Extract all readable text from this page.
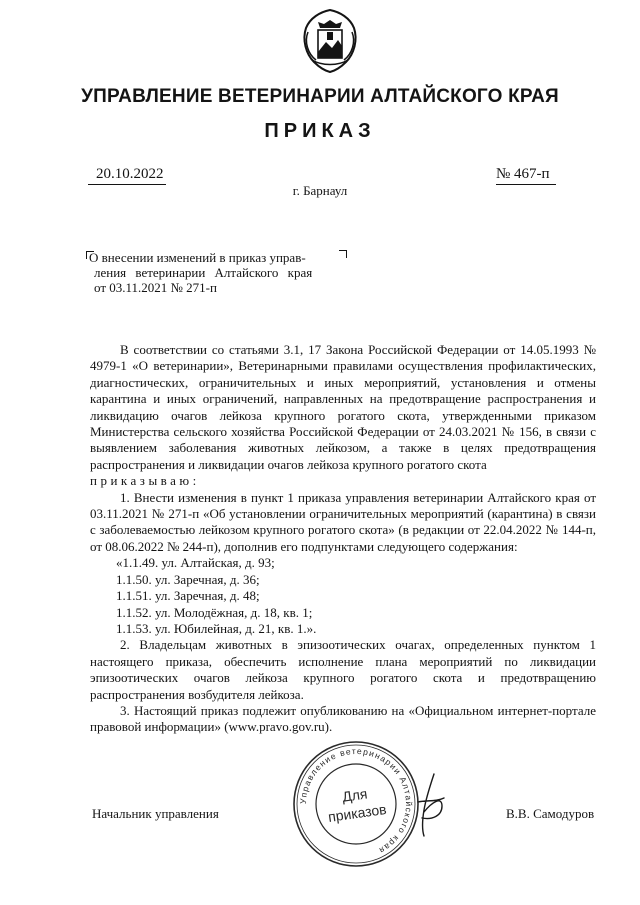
УПРАВЛЕНИЕ ВЕТЕРИНАРИИ АЛТАЙСКОГО КРАЯ
ПРИКАЗ
20.10.2022	№ 467-п
г. Барнаул

О внесении изменений в приказ управ-

ления ветеринарии Алтайского края

от 03.11.2021 № 271-п

В соответствии со статьями 3.1, 17 Закона Российской Федерации от 14.05.1993 № 4979-1 «О ветеринарии», Ветеринарными правилами осуществления профилактических, диагностических, ограничительных и иных мероприятий, установления и отмены карантина и иных ограничений, направленных на предотвращение распространения и ликвидацию очагов лейкоза крупного рогатого скота, утвержденными приказом Министерства сельского хозяйства Российской Федерации от 24.03.2021 № 156, в связи с выявлением заболевания животных лейкозом, а также в целях предотвращения распространения и ликвидации очагов лейкоза крупного рогатого скота

приказываю:

1. Внести изменения в пункт 1 приказа управления ветеринарии Алтайского края от 03.11.2021 № 271-п «Об установлении ограничительных мероприятий (карантина) в связи с заболеваемостью лейкозом крупного рогатого скота» (в редакции от 22.04.2022 № 144-п, от 08.06.2022 № 244-п), дополнив его подпунктами следующего содержания:

«1.1.49. ул. Алтайская, д. 93;

1.1.50. ул. Заречная, д. 36;

1.1.51. ул. Заречная, д. 48;

1.1.52. ул. Молодёжная, д. 18, кв. 1;

1.1.53. ул. Юбилейная, д. 21, кв. 1.».

2. Владельцам животных в эпизоотических очагах, определенных пунктом 1 настоящего приказа, обеспечить исполнение плана мероприятий по ликвидации эпизоотических очагов лейкоза крупного рогатого скота и предотвращению распространения возбудителя лейкоза.

3. Настоящий приказ подлежит опубликованию на «Официальном интернет-портале правовой информации» (www.pravo.gov.ru).

Управление ветеринарии Алтайского края
Для
приказов
Начальник управления	В.В. Самодуров
